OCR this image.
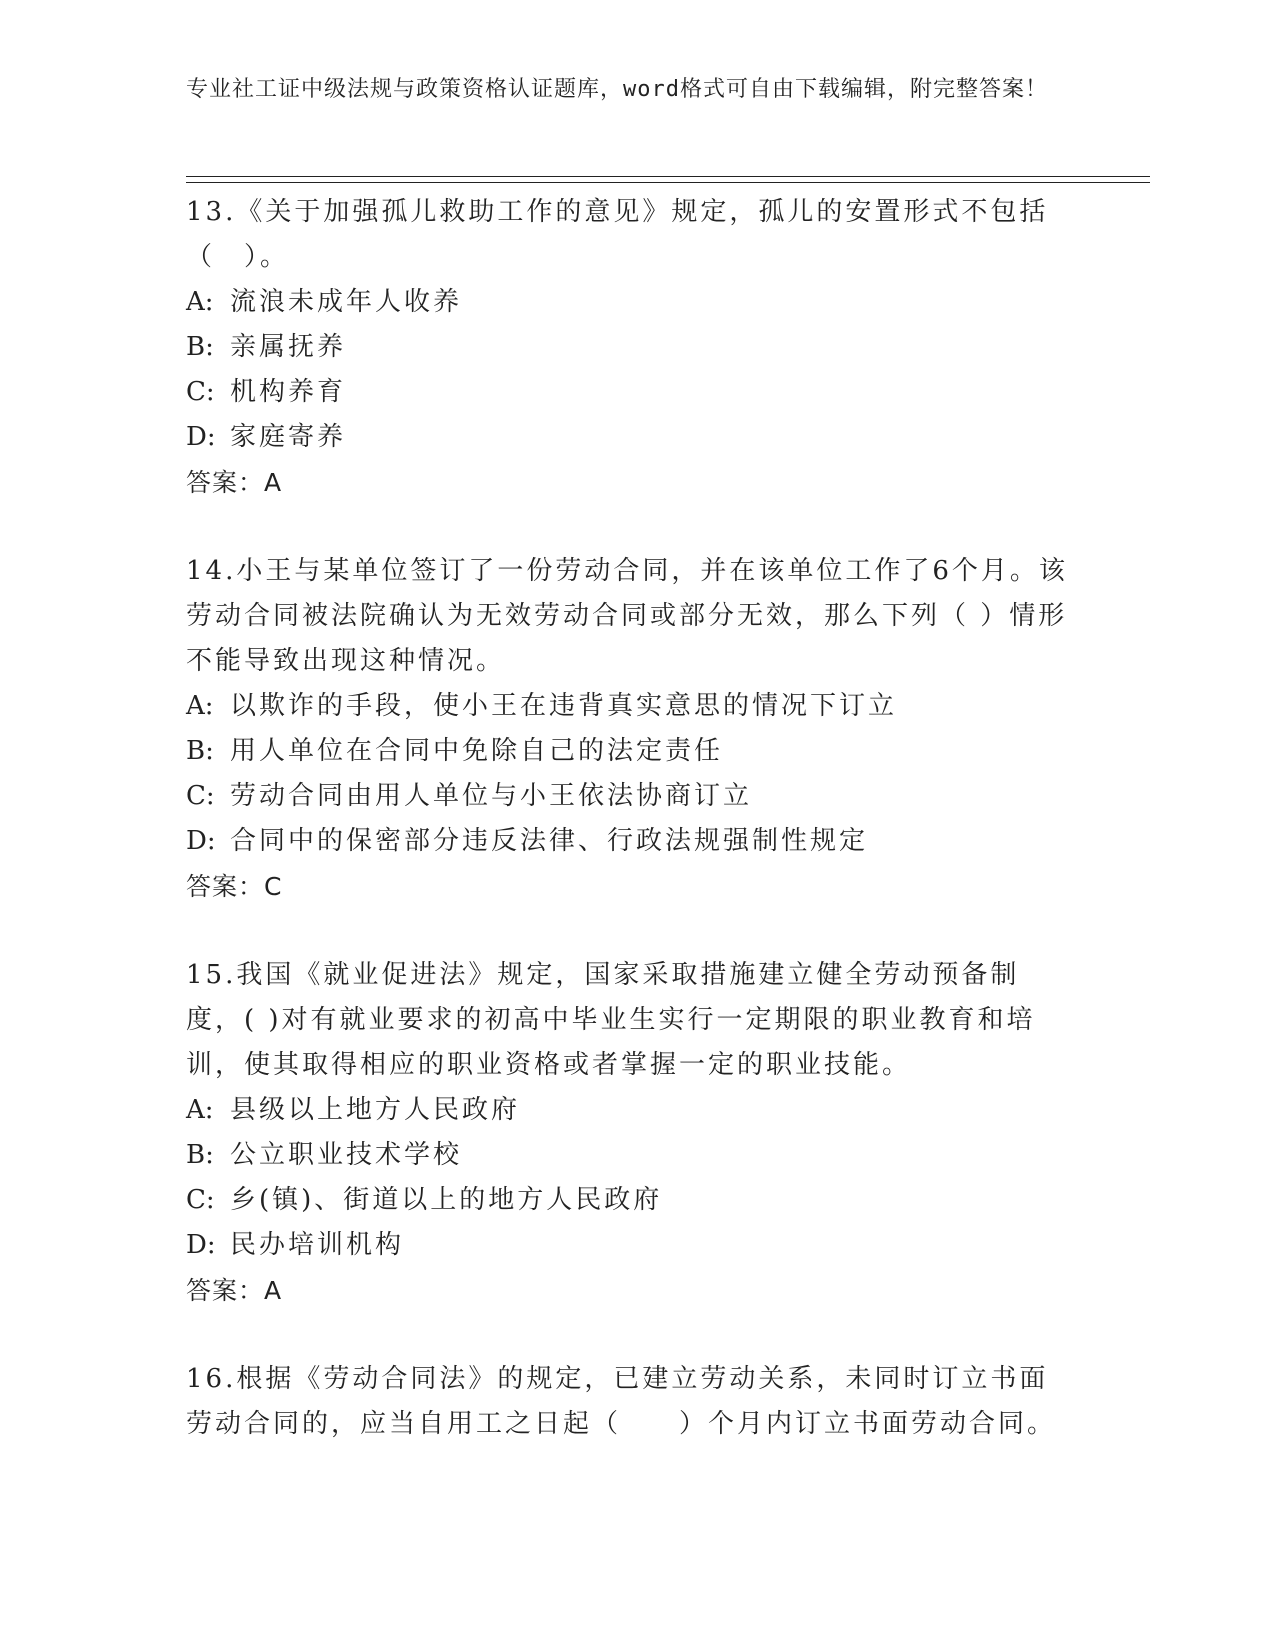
专业社工证中级法规与政策资格认证题库，word格式可自由下载编辑，附完整答案！

13.《关于加强孤儿救助工作的意见》规定，孤儿的安置形式不包括（　）。

A: 流浪未成年人收养
B: 亲属抚养
C: 机构养育
D: 家庭寄养

答案：A

14.小王与某单位签订了一份劳动合同，并在该单位工作了6个月。该劳动合同被法院确认为无效劳动合同或部分无效，那么下列（ ）情形不能导致出现这种情况。

A: 以欺诈的手段，使小王在违背真实意思的情况下订立
B: 用人单位在合同中免除自己的法定责任
C: 劳动合同由用人单位与小王依法协商订立
D: 合同中的保密部分违反法律、行政法规强制性规定

答案：C

15.我国《就业促进法》规定，国家采取措施建立健全劳动预备制度，( )对有就业要求的初高中毕业生实行一定期限的职业教育和培训，使其取得相应的职业资格或者掌握一定的职业技能。

A: 县级以上地方人民政府
B: 公立职业技术学校
C: 乡(镇)、街道以上的地方人民政府
D: 民办培训机构

答案：A

16.根据《劳动合同法》的规定，已建立劳动关系，未同时订立书面劳动合同的，应当自用工之日起（　　）个月内订立书面劳动合同。
